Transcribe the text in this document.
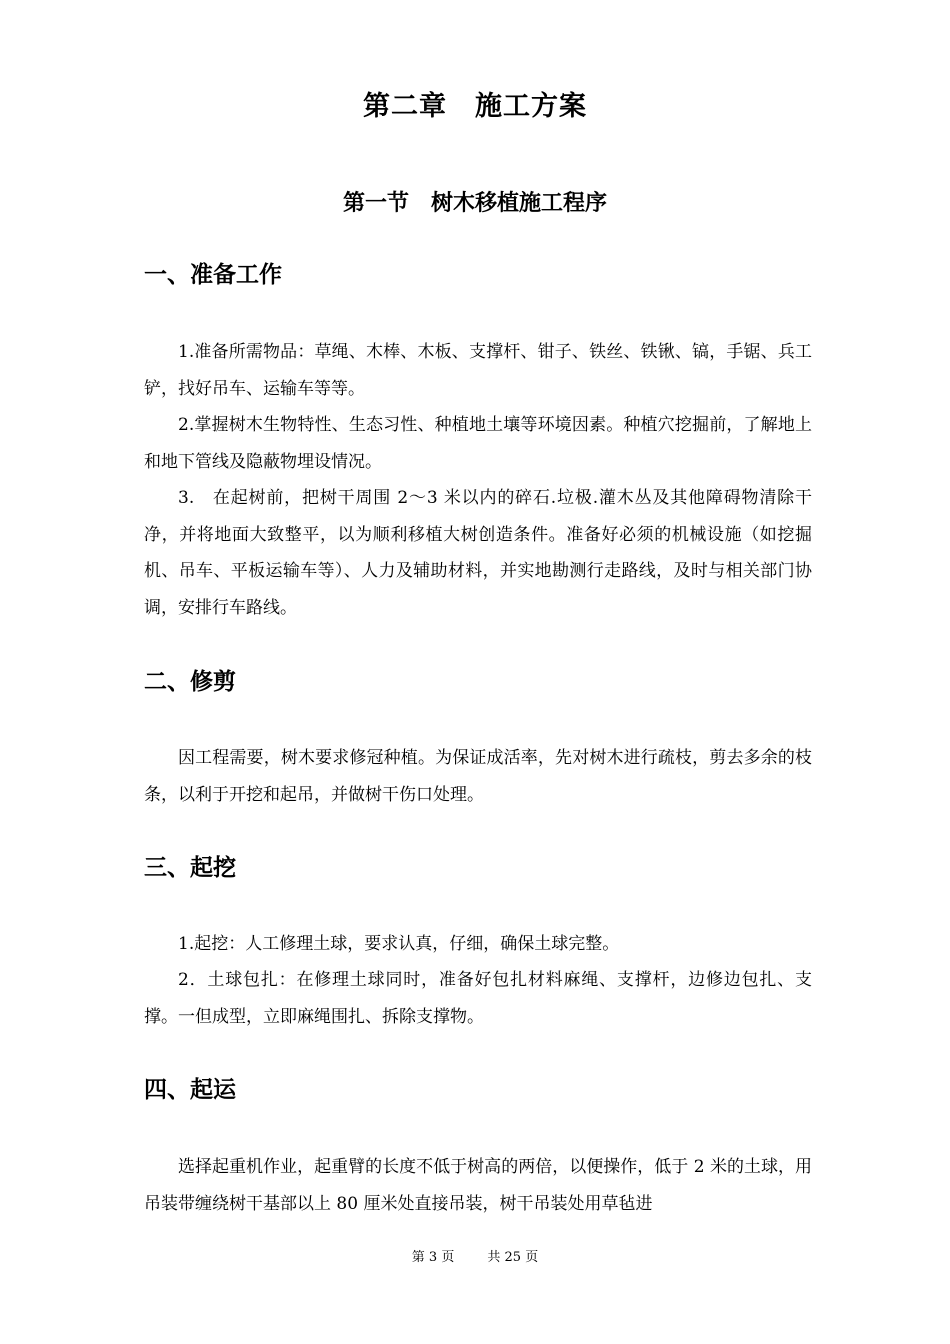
第二章　施工方案
第一节　树木移植施工程序
一、准备工作

1.准备所需物品：草绳、木棒、木板、支撑杆、钳子、铁丝、铁锹、镐，手锯、兵工铲，找好吊车、运输车等等。

2.掌握树木生物特性、生态习性、种植地土壤等环境因素。种植穴挖掘前，了解地上和地下管线及隐蔽物埋设情况。

3.　在起树前，把树干周围 2～3 米以内的碎石.垃极.灌木丛及其他障碍物清除干净，并将地面大致整平，以为顺利移植大树创造条件。准备好必须的机械设施（如挖掘机、吊车、平板运输车等）、人力及辅助材料，并实地勘测行走路线，及时与相关部门协调，安排行车路线。

二、修剪

因工程需要，树木要求修冠种植。为保证成活率，先对树木进行疏枝，剪去多余的枝条，以利于开挖和起吊，并做树干伤口处理。

三、起挖

1.起挖：人工修理土球，要求认真，仔细，确保土球完整。

2．土球包扎：在修理土球同时，准备好包扎材料麻绳、支撑杆，边修边包扎、支撑。一但成型，立即麻绳围扎、拆除支撑物。

四、起运

选择起重机作业，起重臂的长度不低于树高的两倍，以便操作，低于 2 米的土球，用吊装带缠绕树干基部以上 80 厘米处直接吊装，树干吊装处用草毡进

第 3 页	共 25 页
